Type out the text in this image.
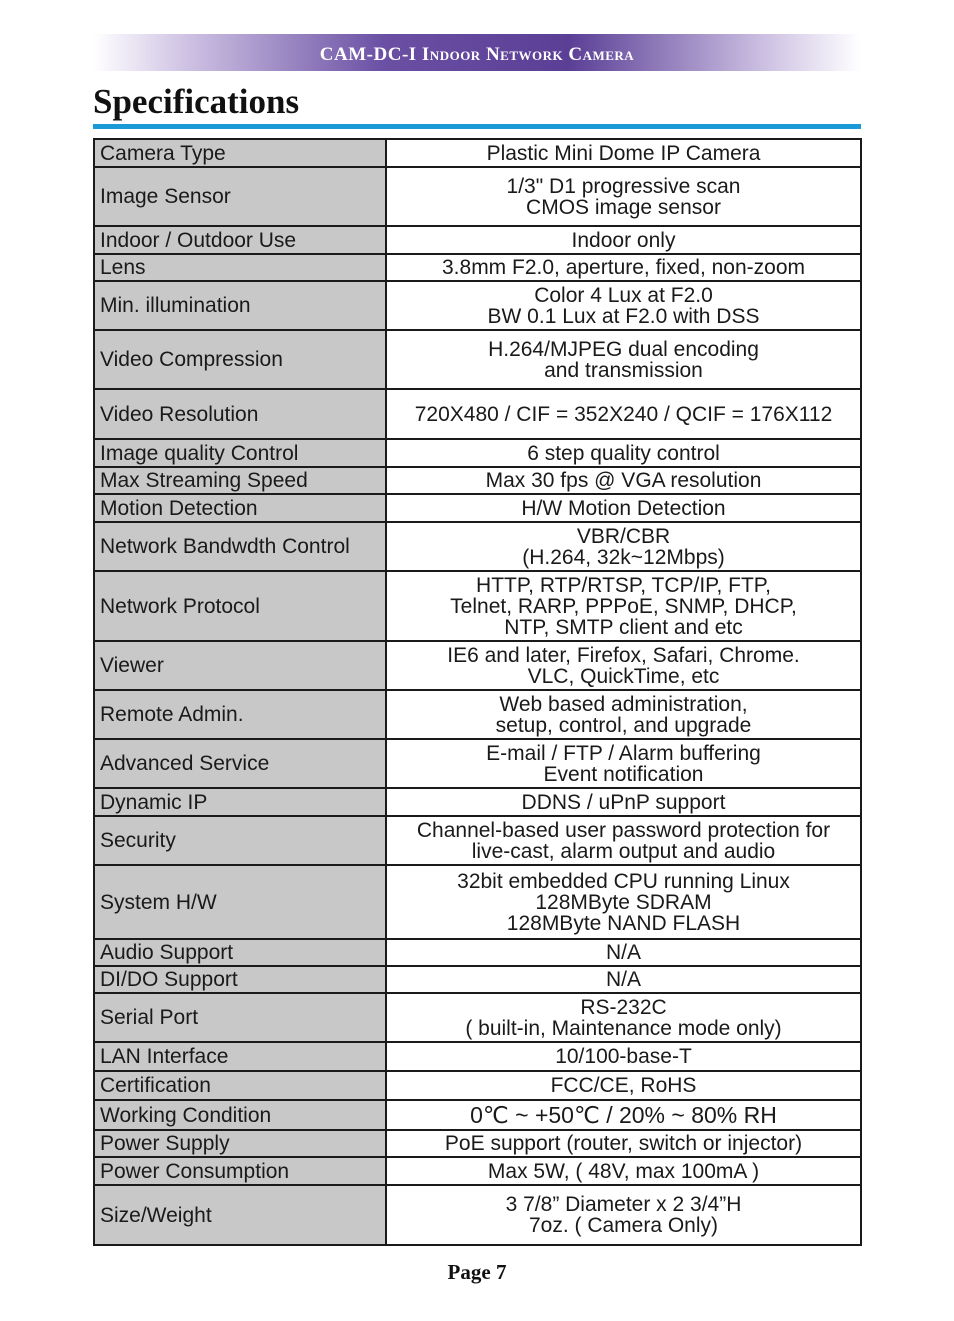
CAM-DC-I Indoor Network Camera
Specifications
Camera Type	Plastic Mini Dome IP Camera

Image Sensor	1/3" D1 progressive scan
CMOS image sensor

Indoor / Outdoor Use	Indoor only

Lens	3.8mm F2.0, aperture, fixed, non-zoom

Min. illumination	Color 4 Lux at F2.0
BW 0.1 Lux at F2.0 with DSS

Video Compression	H.264/MJPEG dual encoding
and transmission

Video Resolution	720X480 / CIF = 352X240 / QCIF = 176X112

Image quality Control	6 step quality control

Max Streaming Speed	Max 30 fps @ VGA resolution

Motion Detection	H/W Motion Detection

Network Bandwdth Control	VBR/CBR
(H.264, 32k~12Mbps)

Network Protocol	HTTP, RTP/RTSP, TCP/IP, FTP,
Telnet, RARP, PPPoE, SNMP, DHCP,
NTP, SMTP client and etc

Viewer	IE6 and later, Firefox, Safari, Chrome.
VLC, QuickTime, etc

Remote Admin.	Web based administration,
setup, control, and upgrade

Advanced Service	E-mail / FTP / Alarm buffering
Event notification

Dynamic IP	DDNS / uPnP support

Security	Channel-based user password protection for
live-cast, alarm output and audio

System H/W	32bit embedded CPU running Linux
128MByte SDRAM
128MByte NAND FLASH

Audio Support	N/A

DI/DO Support	N/A

Serial Port	RS-232C
( built-in, Maintenance mode only)

LAN Interface	10/100-base-T

Certification	FCC/CE, RoHS

Working Condition	0℃ ~ +50℃ / 20% ~ 80% RH

Power Supply	PoE support (router, switch or injector)

Power Consumption	Max 5W, ( 48V, max 100mA )

Size/Weight	3 7/8” Diameter x 2 3/4”H
7oz. ( Camera Only)
Page 7
